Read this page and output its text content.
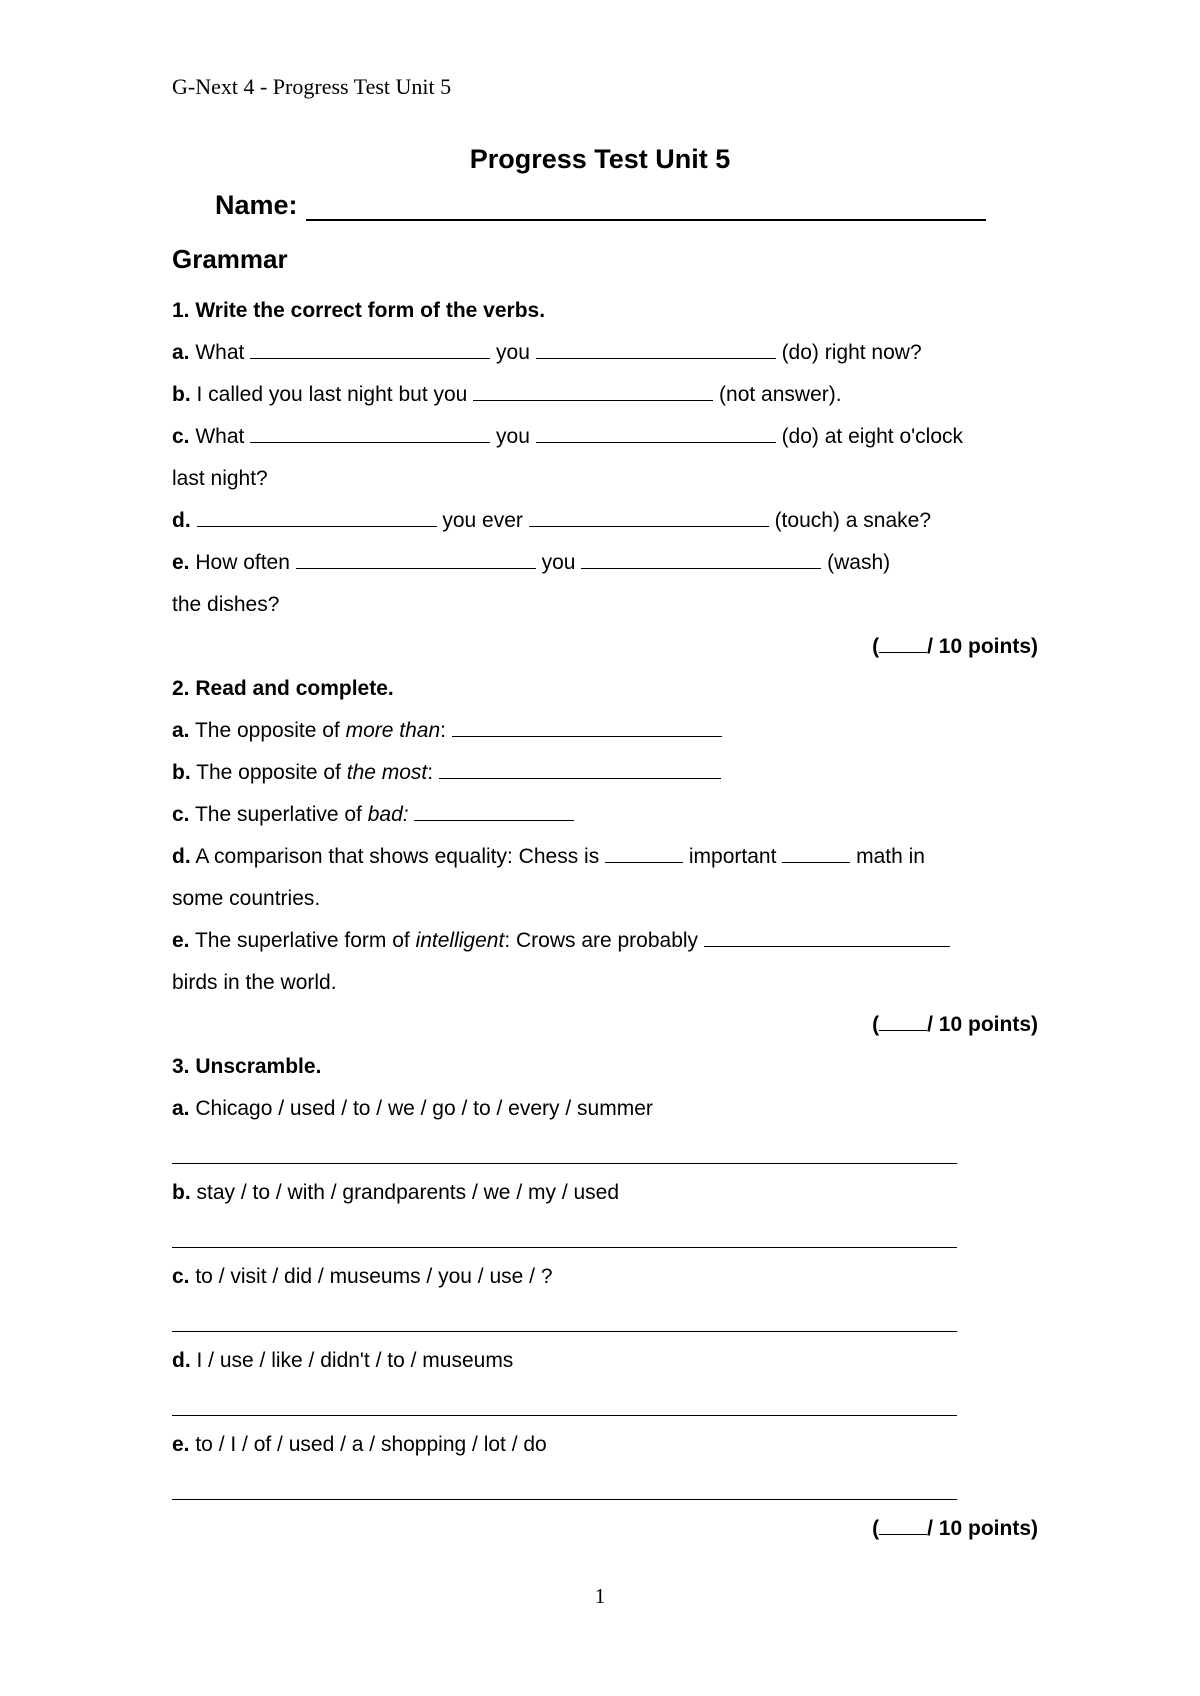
G-Next 4 - Progress Test Unit 5
Progress Test Unit 5
Name:
Grammar
1. Write the correct form of the verbs.
a. What	you	(do) right now?
b. I called you last night but you	(not answer).
c. What	you	(do) at eight o'clock
last night?
d.	you ever	(touch) a snake?
e. How often	you	(wash)
the dishes?
( / 10 points)
2. Read and complete.
a. The opposite of more than:
b. The opposite of the most:
c. The superlative of bad:
d. A comparison that shows equality: Chess is	important	math in
some countries.
e. The superlative form of intelligent: Crows are probably
birds in the world.
( / 10 points)
3. Unscramble.
a. Chicago / used / to / we / go / to / every / summer
b. stay / to / with / grandparents / we / my / used
c. to / visit / did / museums / you / use / ?
d. I / use / like / didn't / to / museums
e. to / I / of / used / a / shopping / lot / do
( / 10 points)
1
